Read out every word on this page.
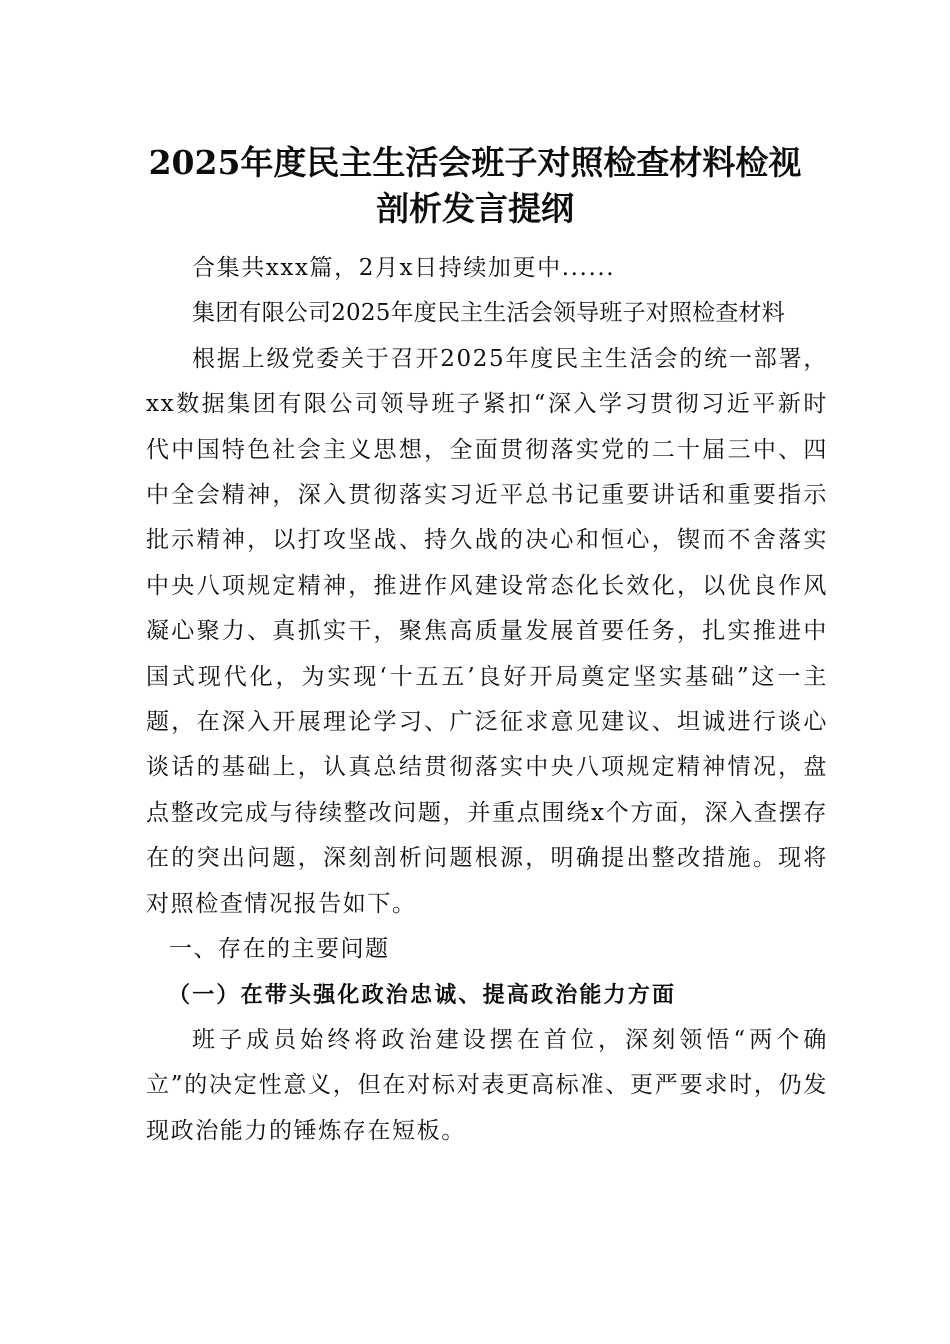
2025年度民主生活会班子对照检查材料检视
剖析发言提纲

合集共xxx篇，2月x日持续加更中......

集团有限公司2025年度民主生活会领导班子对照检查材料

根据上级党委关于召开2025年度民主生活会的统一部署，xx数据集团有限公司领导班子紧扣“深入学习贯彻习近平新时代中国特色社会主义思想，全面贯彻落实党的二十届三中、四中全会精神，深入贯彻落实习近平总书记重要讲话和重要指示批示精神，以打攻坚战、持久战的决心和恒心，锲而不舍落实中央八项规定精神，推进作风建设常态化长效化，以优良作风凝心聚力、真抓实干，聚焦高质量发展首要任务，扎实推进中国式现代化，为实现‘十五五’良好开局奠定坚实基础”这一主题，在深入开展理论学习、广泛征求意见建议、坦诚进行谈心谈话的基础上，认真总结贯彻落实中央八项规定精神情况，盘点整改完成与待续整改问题，并重点围绕x个方面，深入查摆存在的突出问题，深刻剖析问题根源，明确提出整改措施。现将对照检查情况报告如下。

一、存在的主要问题
（一）在带头强化政治忠诚、提高政治能力方面

班子成员始终将政治建设摆在首位，深刻领悟“两个确立”的决定性意义，但在对标对表更高标准、更严要求时，仍发现政治能力的锤炼存在短板。
